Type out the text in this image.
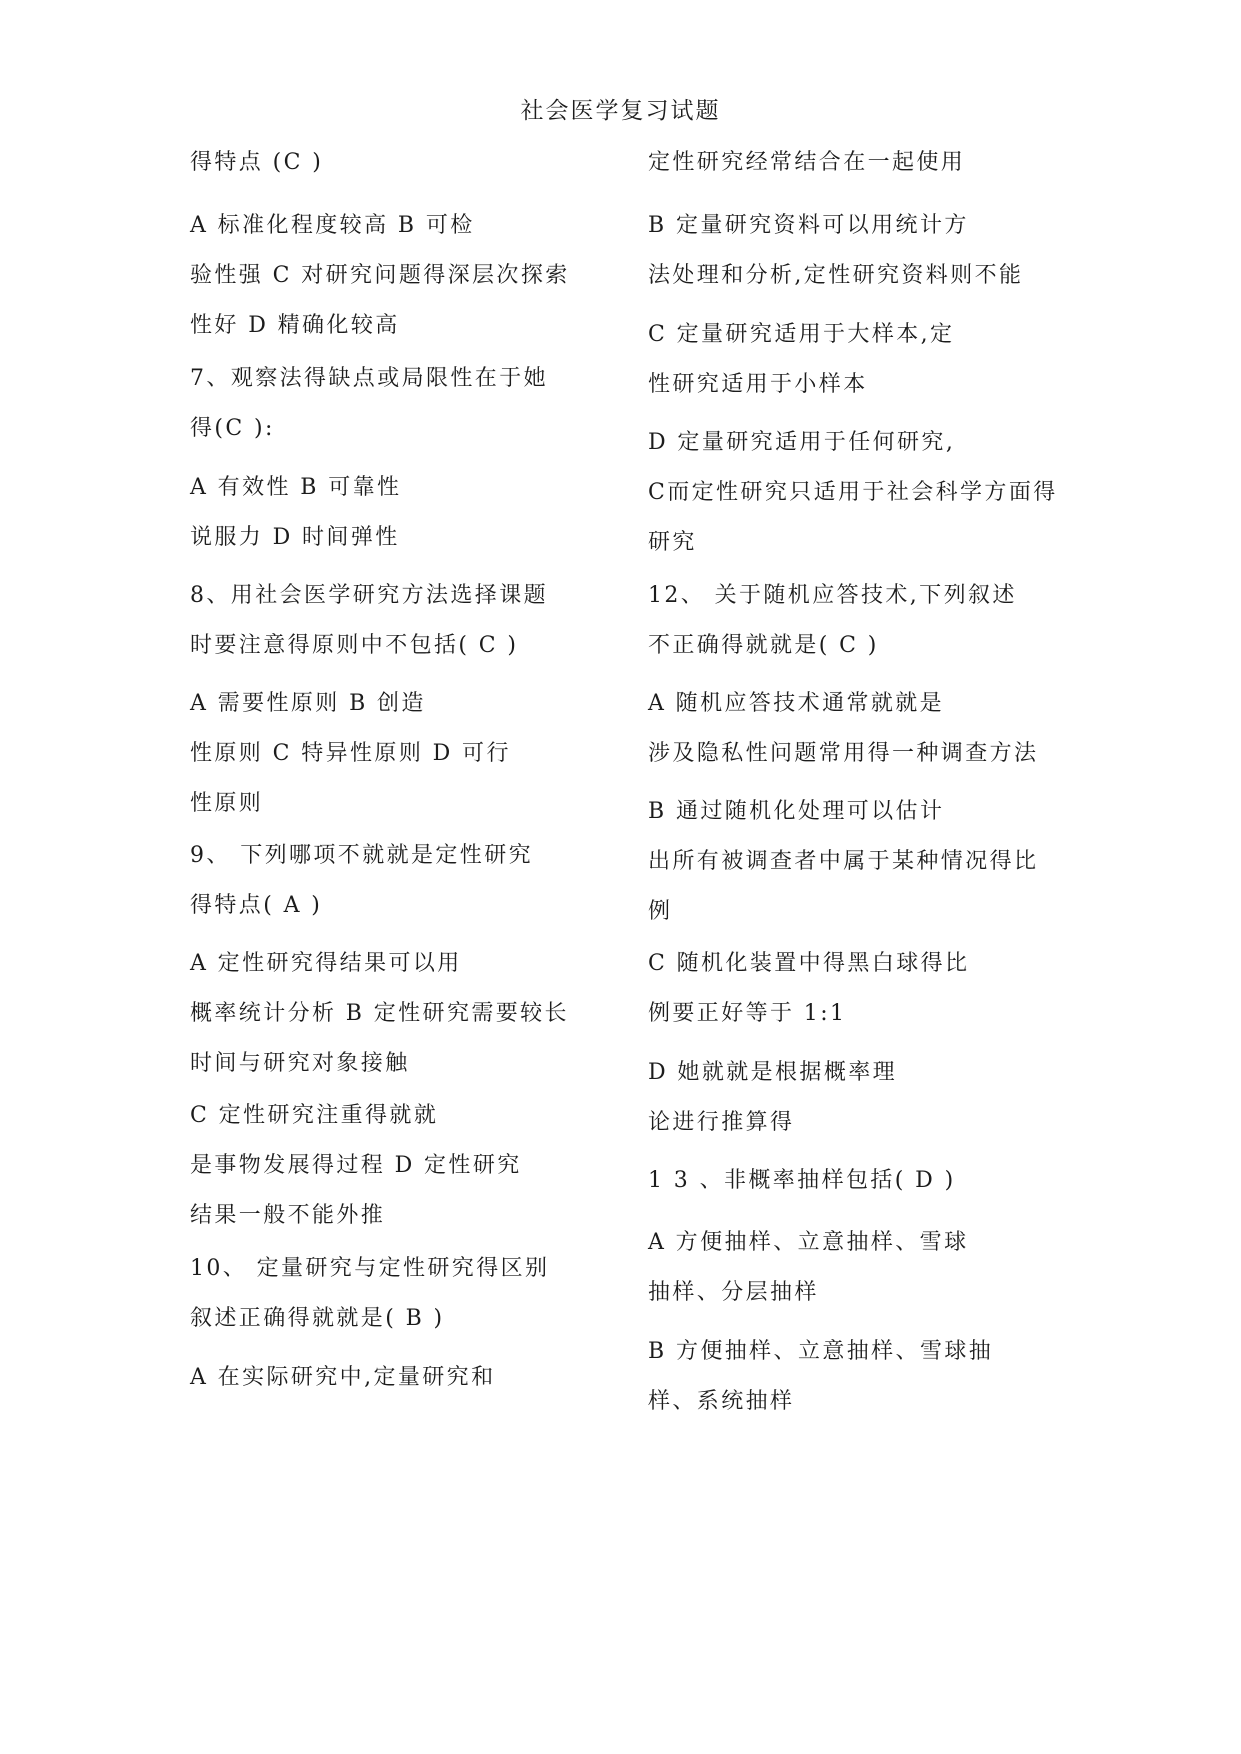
社会医学复习试题
得特点 (C )
A 标准化程度较高 B 可检
验性强 C 对研究问题得深层次探索
性好 D 精确化较高
7、观察法得缺点或局限性在于她
得(C ):
A 有效性 B 可靠性
说服力 D 时间弹性
8、用社会医学研究方法选择课题
时要注意得原则中不包括( C )
A 需要性原则 B 创造
性原则 C 特异性原则 D 可行
性原则
9、 下列哪项不就就是定性研究
得特点( A )
A 定性研究得结果可以用
概率统计分析 B 定性研究需要较长
时间与研究对象接触
C 定性研究注重得就就
是事物发展得过程 D 定性研究
结果一般不能外推
10、 定量研究与定性研究得区别
叙述正确得就就是( B )
A 在实际研究中,定量研究和
定性研究经常结合在一起使用
B 定量研究资料可以用统计方
法处理和分析,定性研究资料则不能
C 定量研究适用于大样本,定
性研究适用于小样本
D 定量研究适用于任何研究,
C而定性研究只适用于社会科学方面得
研究
12、 关于随机应答技术,下列叙述
不正确得就就是( C )
A 随机应答技术通常就就是
涉及隐私性问题常用得一种调查方法
B 通过随机化处理可以估计
出所有被调查者中属于某种情况得比
例
C 随机化装置中得黑白球得比
例要正好等于 1:1
D 她就就是根据概率理
论进行推算得
1 3 、非概率抽样包括( D )
A 方便抽样、立意抽样、雪球
抽样、分层抽样
B 方便抽样、立意抽样、雪球抽
样、系统抽样
